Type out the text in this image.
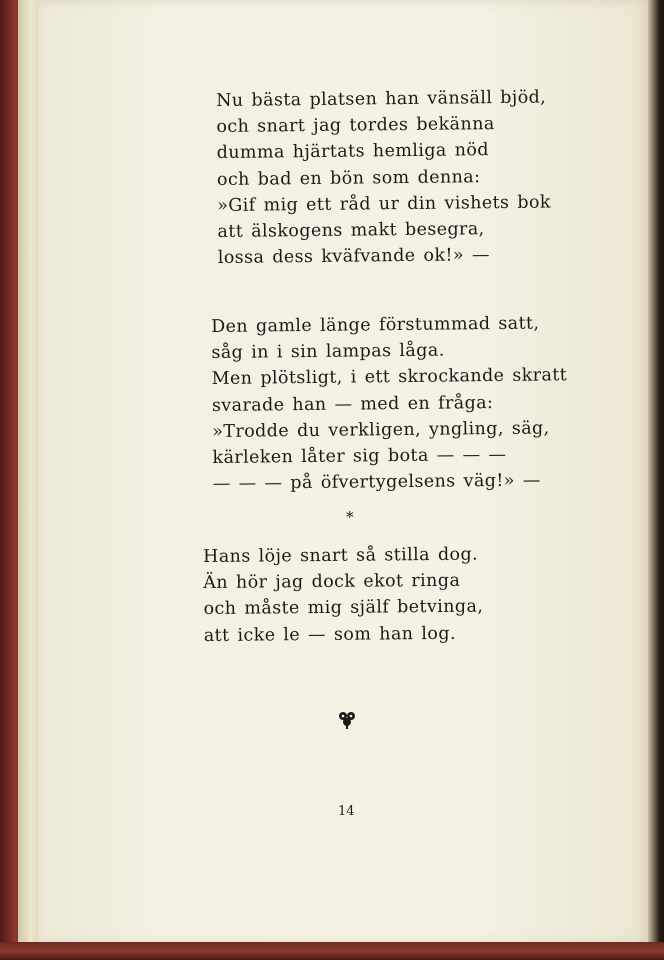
Nu bästa platsen han vänsäll bjöd,
och snart jag tordes bekänna
dumma hjärtats hemliga nöd
och bad en bön som denna:
»Gif mig ett råd ur din vishets bok
att älskogens makt besegra,
lossa dess kväfvande ok!» —
Den gamle länge förstummad satt,
såg in i sin lampas låga.
Men plötsligt, i ett skrockande skratt
svarade han — med en fråga:
»Trodde du verkligen, yngling, säg,
kärleken låter sig bota — — —
— — — på öfvertygelsens väg!» —
*
Hans löje snart så stilla dog.
Än hör jag dock ekot ringa
och måste mig själf betvinga,
att icke le — som han log.
14
